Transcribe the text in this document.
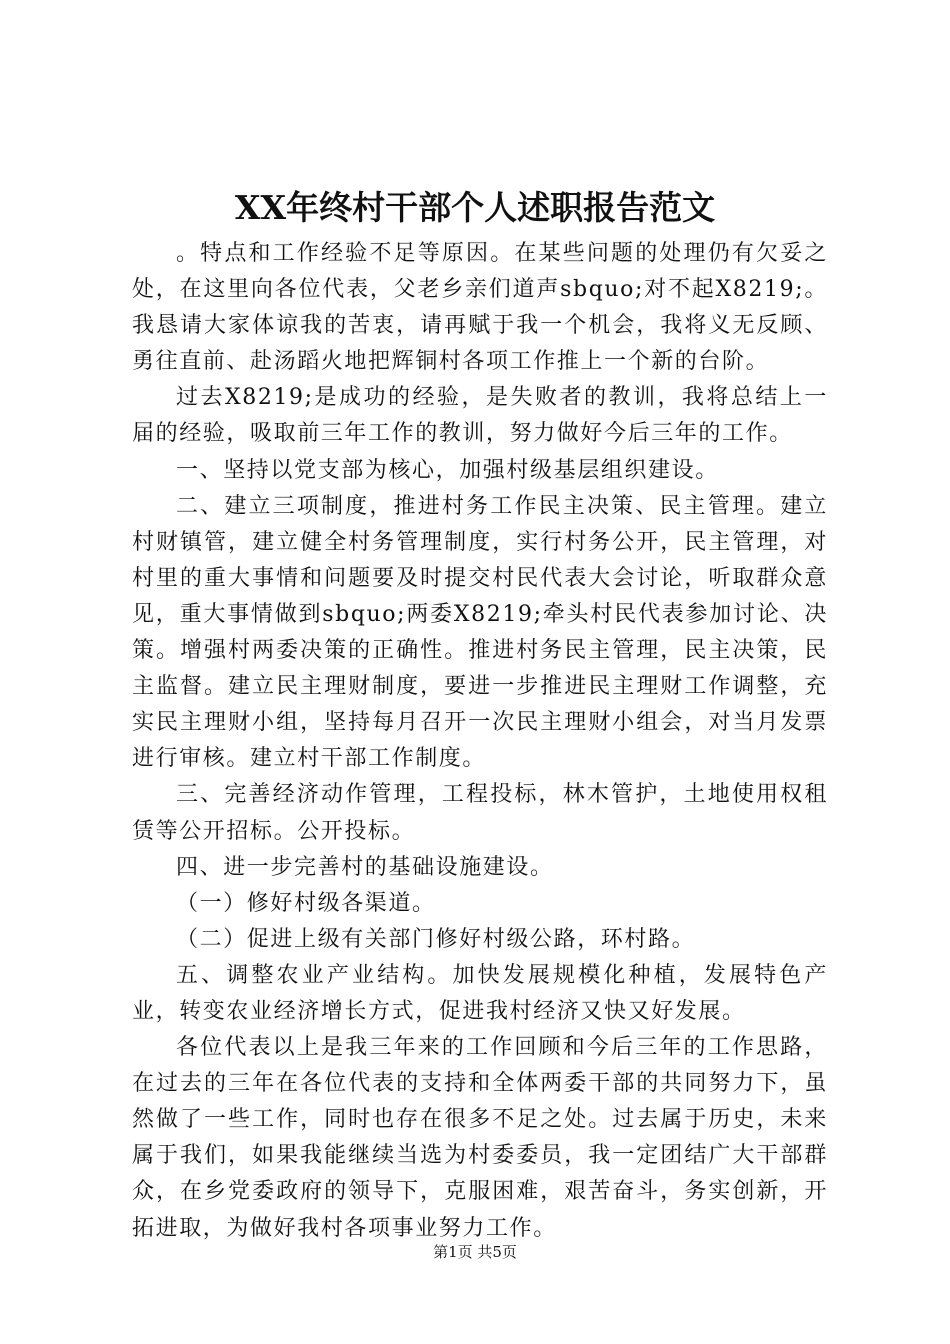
XX年终村干部个人述职报告范文

。特点和工作经验不足等原因。在某些问题的处理仍有欠妥之处，在这里向各位代表，父老乡亲们道声sbquo;对不起X8219;。我恳请大家体谅我的苦衷，请再赋于我一个机会，我将义无反顾、勇往直前、赴汤蹈火地把辉铜村各项工作推上一个新的台阶。

过去X8219;是成功的经验，是失败者的教训，我将总结上一届的经验，吸取前三年工作的教训，努力做好今后三年的工作。

一、坚持以党支部为核心，加强村级基层组织建设。

二、建立三项制度，推进村务工作民主决策、民主管理。建立村财镇管，建立健全村务管理制度，实行村务公开，民主管理，对村里的重大事情和问题要及时提交村民代表大会讨论，听取群众意见，重大事情做到sbquo;两委X8219;牵头村民代表参加讨论、决策。增强村两委决策的正确性。推进村务民主管理，民主决策，民主监督。建立民主理财制度，要进一步推进民主理财工作调整，充实民主理财小组，坚持每月召开一次民主理财小组会，对当月发票进行审核。建立村干部工作制度。

三、完善经济动作管理，工程投标，林木管护，土地使用权租赁等公开招标。公开投标。

四、进一步完善村的基础设施建设。

（一）修好村级各渠道。

（二）促进上级有关部门修好村级公路，环村路。

五、调整农业产业结构。加快发展规模化种植，发展特色产业，转变农业经济增长方式，促进我村经济又快又好发展。

各位代表以上是我三年来的工作回顾和今后三年的工作思路，在过去的三年在各位代表的支持和全体两委干部的共同努力下，虽然做了一些工作，同时也存在很多不足之处。过去属于历史，未来属于我们，如果我能继续当选为村委委员，我一定团结广大干部群众，在乡党委政府的领导下，克服困难，艰苦奋斗，务实创新，开拓进取，为做好我村各项事业努力工作。

第1页 共5页
